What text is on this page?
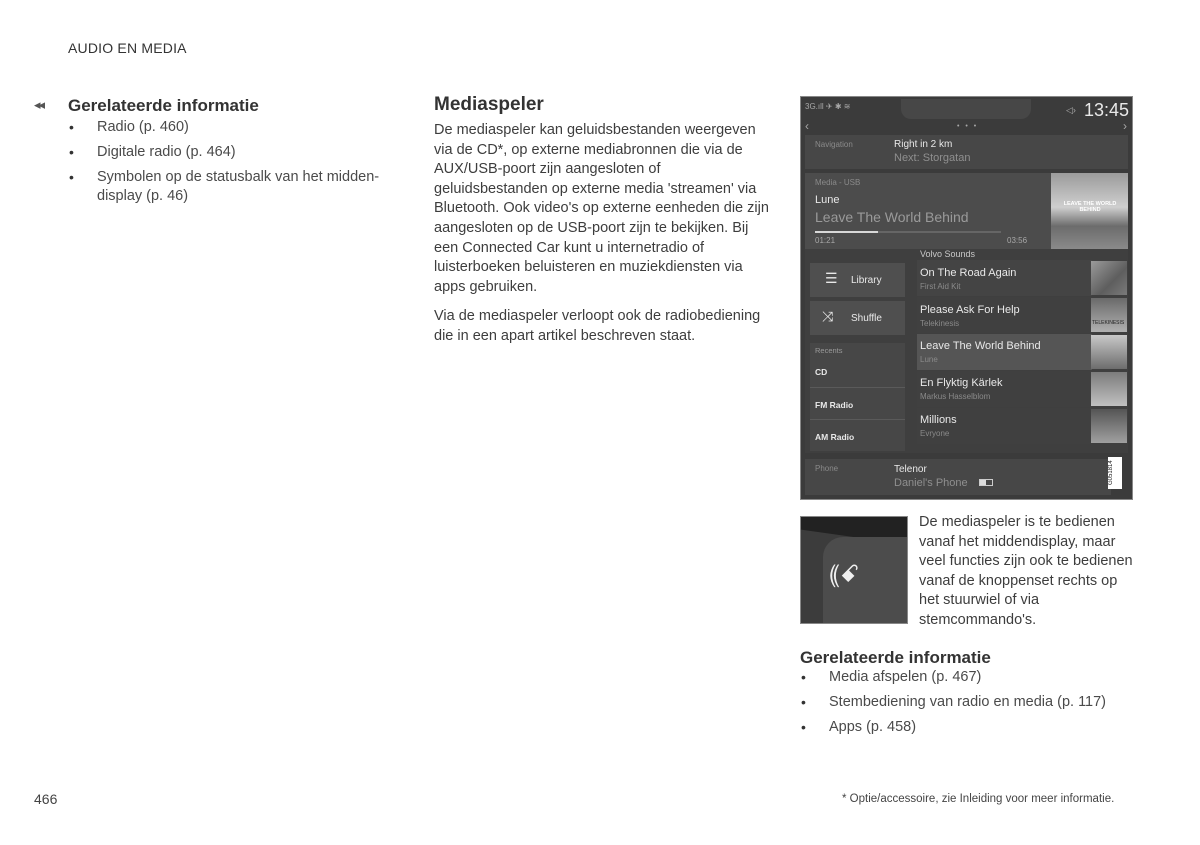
AUDIO EN MEDIA
◂◂ Gerelateerde informatie
• Radio (p. 460)
• Digitale radio (p. 464)
• Symbolen op de statusbalk van het midden-display (p. 46)
Mediaspeler

De mediaspeler kan geluidsbestanden weergeven via de CD*, op externe mediabronnen die via de AUX/USB-poort zijn aangesloten of geluidsbestanden op externe media 'streamen' via Bluetooth. Ook video's op externe eenheden die zijn aangesloten op de USB-poort zijn te bekijken. Bij een Connected Car kunt u internetradio of luisterboeken beluisteren en muziekdiensten via apps gebruiken.

Via de mediaspeler verloopt ook de radiobediening die in een apart artikel beschreven staat.

3G.ıll ✈ ✱ ≋	◁› 13:45
‹	›
• • •
Navigation	Right in 2 km
Next: Storgatan
Media - USB
Lune
Leave The World Behind
01:21	03:56
LEAVE THE WORLD BEHIND
☰ Library
⤨ Shuffle
Recents
CD
FM Radio
AM Radio
Volvo Sounds
On The Road Again
First Aid Kit
Please Ask For Help
Telekinesis	TELEKINESIS
Leave The World Behind
Lune
En Flyktig Kärlek
Markus Hasselblom
Millions
Evryone
Phone	Telenor
Daniel's Phone	G051814
⸨ꗃ
De mediaspeler is te bedienen vanaf het middendisplay, maar veel functies zijn ook te bedienen vanaf de knoppenset rechts op het stuurwiel of via stemcommando's.
Gerelateerde informatie
• Media afspelen (p. 467)
• Stembediening van radio en media (p. 117)
• Apps (p. 458)
466	* Optie/accessoire, zie Inleiding voor meer informatie.
